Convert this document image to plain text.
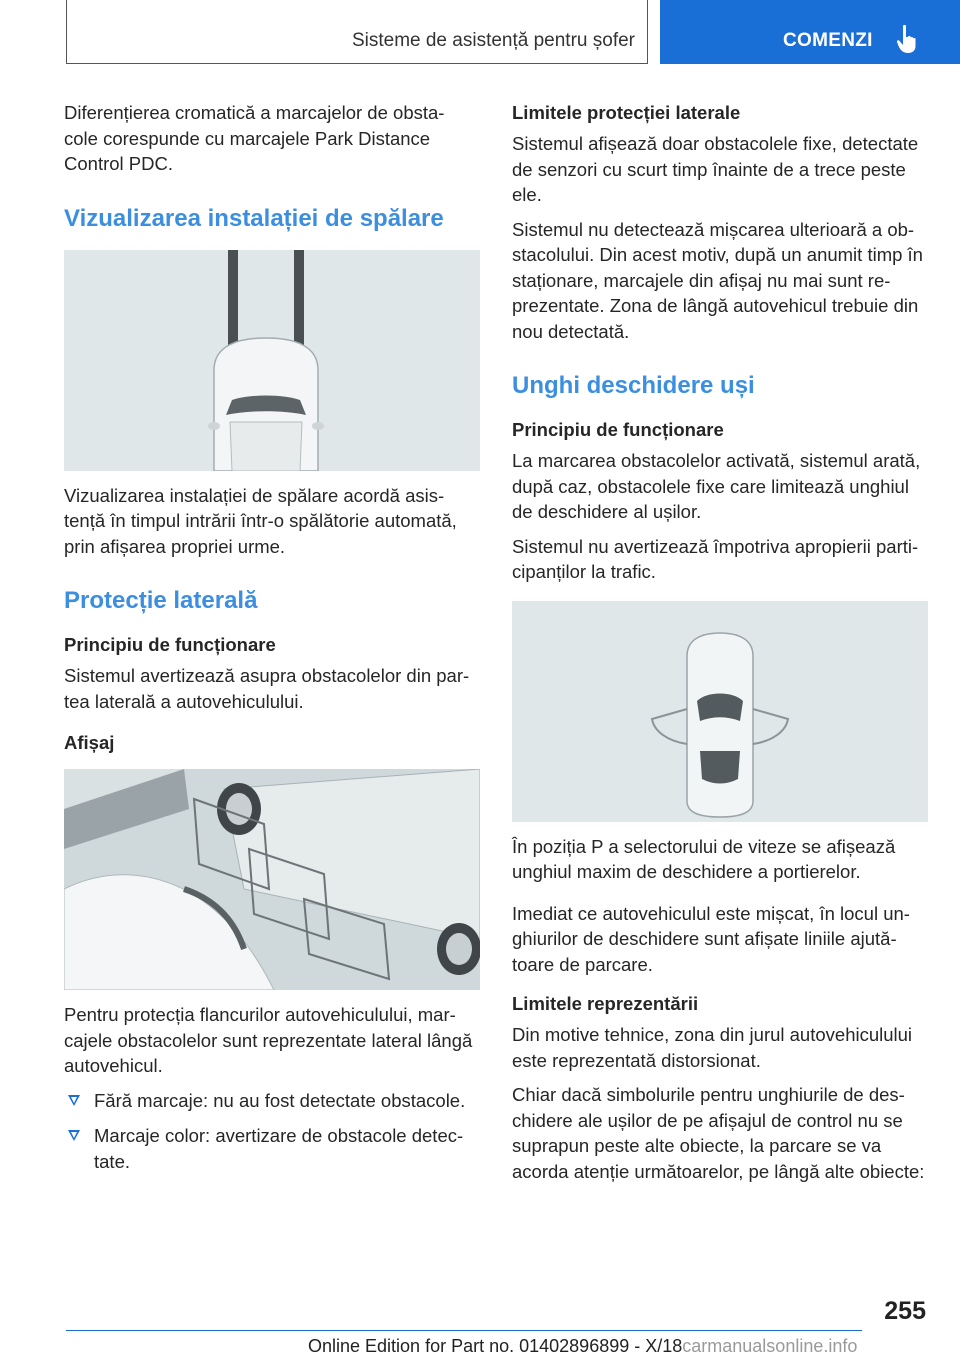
Sisteme de asistență pentru șofer	COMENZI

Diferențierea cromatică a marcajelor de obsta- cole corespunde cu marcajele Park Distance Control PDC.

Vizualizarea instalației de spălare

Vizualizarea instalației de spălare acordă asis- tență în timpul intrării într-o spălătorie automată, prin afișarea propriei urme.

Protecție laterală
Principiu de funcționare

Sistemul avertizează asupra obstacolelor din par- tea laterală a autovehiculului.

Afișaj

Pentru protecția flancurilor autovehiculului, mar- cajele obstacolelor sunt reprezentate lateral lângă autovehicul.

Fără marcaje: nu au fost detectate obstacole.
Marcaje color: avertizare de obstacole detec- tate.
Limitele protecției laterale

Sistemul afișează doar obstacolele fixe, detectate de senzori cu scurt timp înainte de a trece peste ele.

Sistemul nu detectează mișcarea ulterioară a ob- stacolului. Din acest motiv, după un anumit timp în staționare, marcajele din afișaj nu mai sunt re- prezentate. Zona de lângă autovehicul trebuie din nou detectată.

Unghi deschidere uși
Principiu de funcționare

La marcarea obstacolelor activată, sistemul arată, după caz, obstacolele fixe care limitează unghiul de deschidere al ușilor.

Sistemul nu avertizează împotriva apropierii parti- cipanților la trafic.

În poziția P a selectorului de viteze se afișează unghiul maxim de deschidere a portierelor.

Imediat ce autovehiculul este mișcat, în locul un- ghiurilor de deschidere sunt afișate liniile ajută- toare de parcare.

Limitele reprezentării

Din motive tehnice, zona din jurul autovehiculului este reprezentată distorsionat.

Chiar dacă simbolurile pentru unghiurile de des- chidere ale ușilor de pe afișajul de control nu se suprapun peste alte obiecte, la parcare se va acorda atenție următoarelor, pe lângă alte obiecte:

255
Online Edition for Part no. 01402896899 - X/18carmanualsonline.info
